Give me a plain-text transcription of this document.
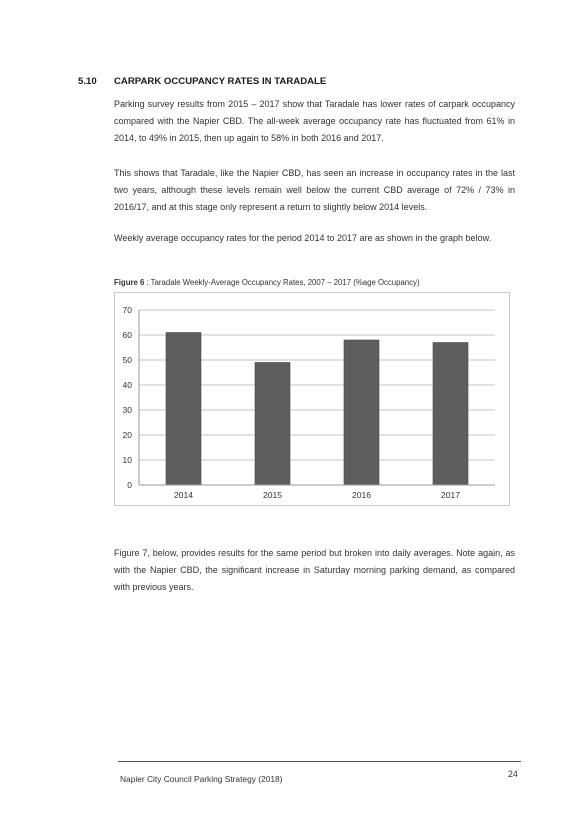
5.10 CARPARK OCCUPANCY RATES IN TARADALE

Parking survey results from 2015 – 2017 show that Taradale has lower rates of carpark occupancy compared with the Napier CBD. The all-week average occupancy rate has fluctuated from 61% in 2014, to 49% in 2015, then up again to 58% in both 2016 and 2017.

This shows that Taradale, like the Napier CBD, has seen an increase in occupancy rates in the last two years, although these levels remain well below the current CBD average of 72% / 73% in 2016/17, and at this stage only represent a return to slightly below 2014 levels.

Weekly average occupancy rates for the period 2014 to 2017 are as shown in the graph below.

Figure 6 : Taradale Weekly-Average Occupancy Rates, 2007 – 2017 (%age Occupancy)

0
10
20
30
40
50
60
70
2014	2015	2016	2017

Figure 7, below, provides results for the same period but broken into daily averages. Note again, as with the Napier CBD, the significant increase in Saturday morning parking demand, as compared with previous years.

Napier City Council Parking Strategy (2018)	24
